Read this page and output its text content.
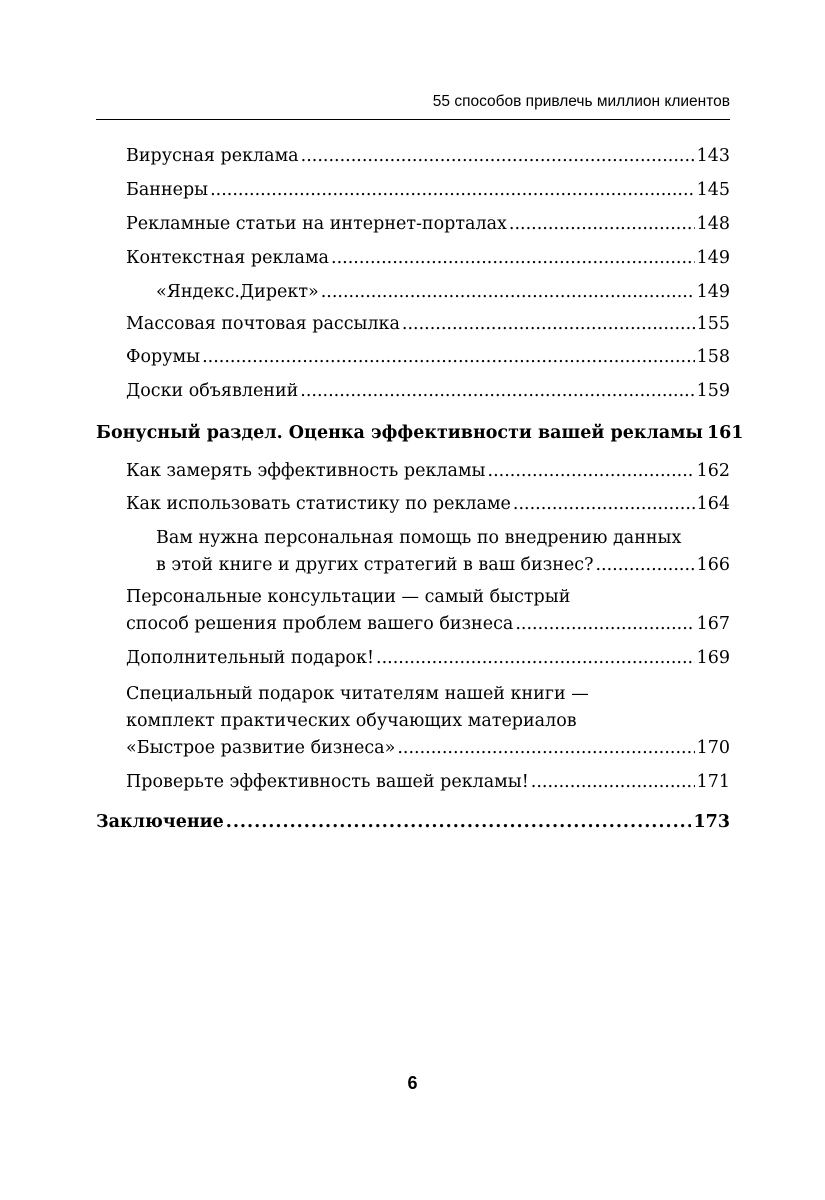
55 способов привлечь миллион клиентов
Вирусная реклама .....	143
Баннеры .....	145
Рекламные статьи на интернет-порталах .....	148
Контекстная реклама .....	149
«Яндекс.Директ» .....	149
Массовая почтовая рассылка .....	155
Форумы .....	158
Доски объявлений .....	159
Бонусный раздел. Оценка эффективности вашей рекламы 161
Как замерять эффективность рекламы .....	162
Как использовать статистику по рекламе .....	164
Вам нужна персональная помощь по внедрению данных
в этой книге и других стратегий в ваш бизнес? .....	166
Персональные консультации — самый быстрый
способ решения проблем вашего бизнеса .....	167
Дополнительный подарок! .....	169
Специальный подарок читателям нашей книги —
комплект практических обучающих материалов
«Быстрое развитие бизнеса» .....	170
Проверьте эффективность вашей рекламы! .....	171
Заключение .....	173
6
